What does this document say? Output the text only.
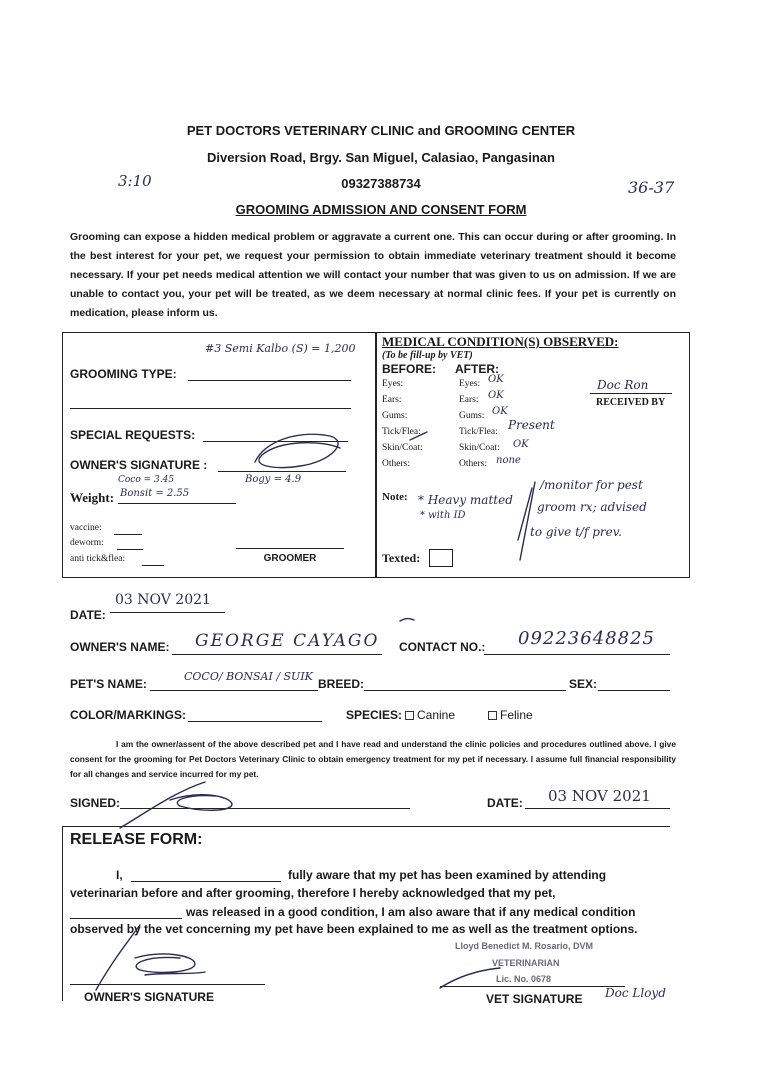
PET DOCTORS VETERINARY CLINIC and GROOMING CENTER
Diversion Road, Brgy. San Miguel, Calasiao, Pangasinan
09327388734
GROOMING ADMISSION AND CONSENT FORM
3:10	36-37
Grooming can expose a hidden medical problem or aggravate a current one. This can occur during or after grooming. In the best interest for your pet, we request your permission to obtain immediate veterinary treatment should it become necessary. If your pet needs medical attention we will contact your number that was given to us on admission. If we are unable to contact you, your pet will be treated, as we deem necessary at normal clinic fees. If your pet is currently on medication, please inform us.
#3 Semi Kalbo (S) = 1,200
GROOMING TYPE:
SPECIAL REQUESTS:
OWNER'S SIGNATURE :
Coco = 3.45	Bogy = 4.9
Weight: Bonsit = 2.55
vaccine:
deworm:
anti tick&flea:	GROOMER
MEDICAL CONDITION(S) OBSERVED:
(To be fill-up by VET)
BEFORE: AFTER:
Eyes:	Eyes: OK
Ears:	Ears: OK
Gums:	Gums: OK
Tick/Flea:	Tick/Flea: Present
Skin/Coat:	Skin/Coat: OK
Others:	Others: none
Doc Ron
RECEIVED BY
Note: * Heavy matted
* with ID
/monitor for pest
groom rx; advised
to give t/f prev.
Texted:
03 NOV 2021
DATE:
OWNER'S NAME: GEORGE CAYAGO CONTACT NO.: 09223648825
PET'S NAME:
COCO/ BONSAI / SUIK
BREED:	SEX:
COLOR/MARKINGS:	SPECIES:	Canine	Feline
I am the owner/assent of the above described pet and I have read and understand the clinic policies and procedures outlined above. I give consent for the grooming for Pet Doctors Veterinary Clinic to obtain emergency treatment for my pet if necessary. I assume full financial responsibility for all changes and service incurred for my pet.
SIGNED:	DATE: 03 NOV 2021
RELEASE FORM:
I,	fully aware that my pet has been examined by attending
veterinarian before and after grooming, therefore I hereby acknowledged that my pet,
was released in a good condition, I am also aware that if any medical condition
observed by the vet concerning my pet have been explained to me as well as the treatment options.
Lloyd Benedict M. Rosario, DVM
VETERINARIAN
Lic. No. 0678
OWNER'S SIGNATURE	VET SIGNATURE Doc Lloyd
